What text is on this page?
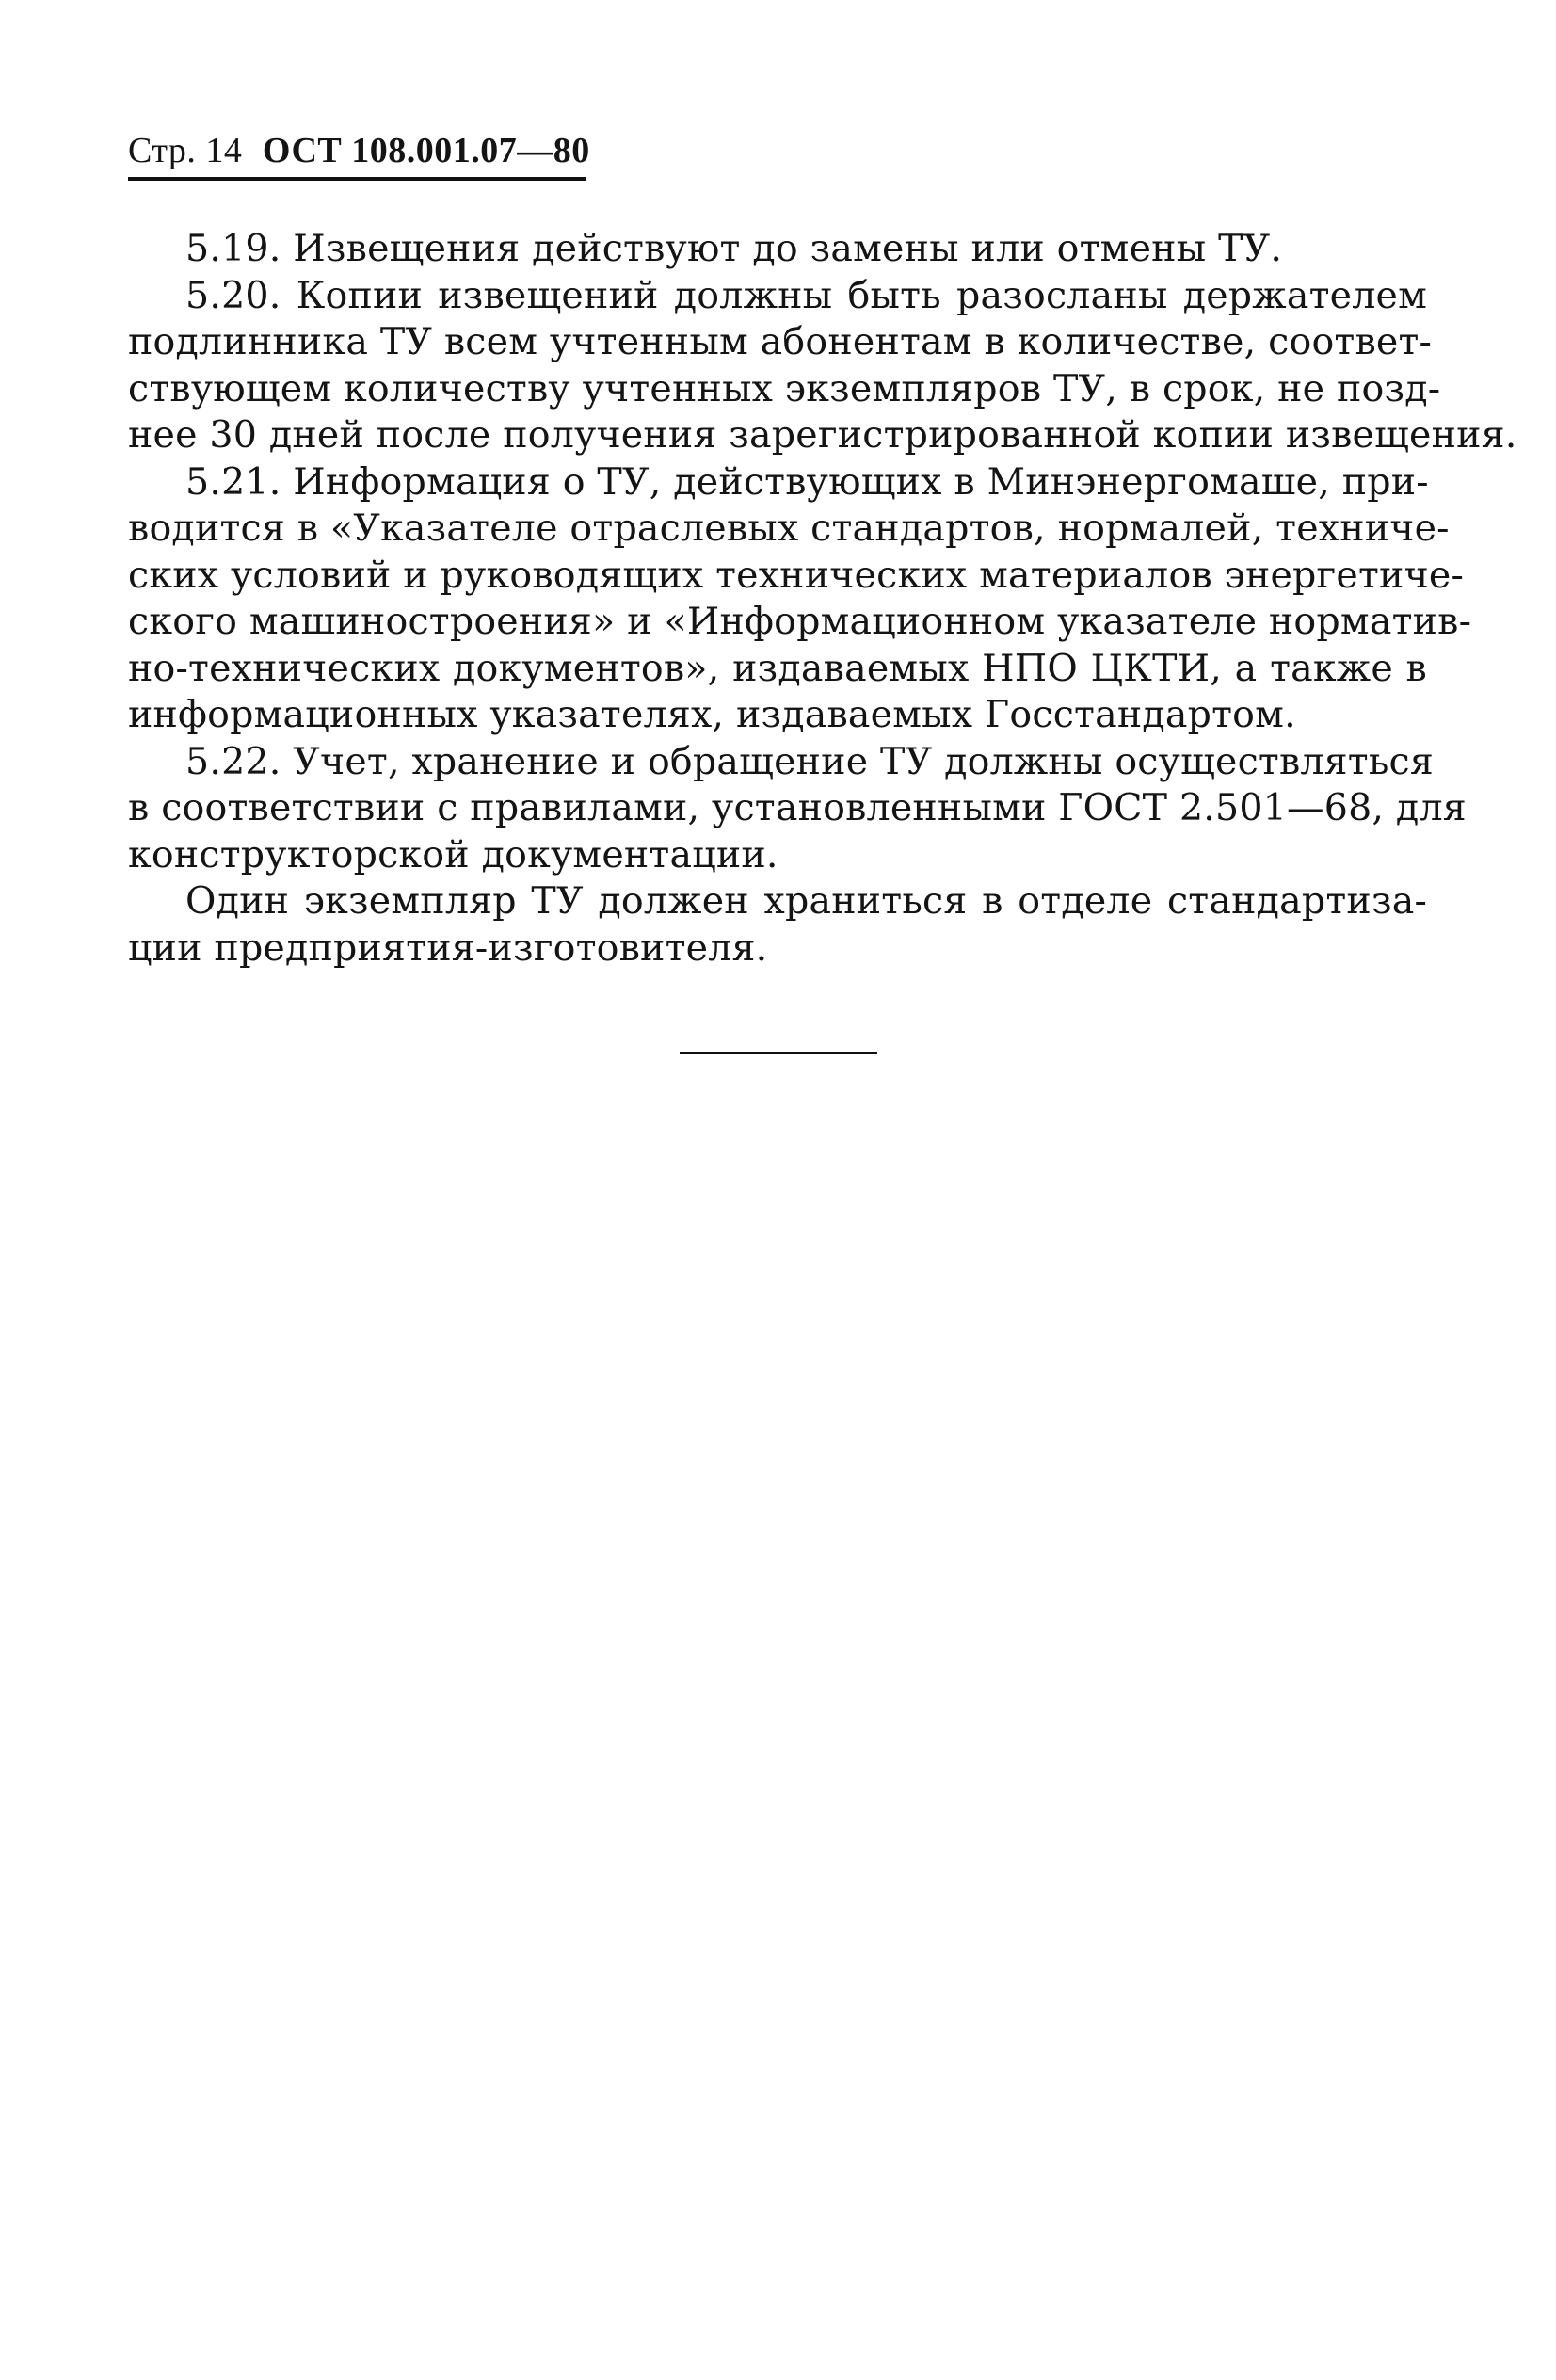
Стр. 14 ОСТ 108.001.07—80
5.19. Извещения действуют до замены или отмены ТУ.
5.20. Копии извещений должны быть разосланы держателем
подлинника ТУ всем учтенным абонентам в количестве, соответ-
ствующем количеству учтенных экземпляров ТУ, в срок, не позд-
нее 30 дней после получения зарегистрированной копии извещения.
5.21. Информация о ТУ, действующих в Минэнергомаше, при-
водится в «Указателе отраслевых стандартов, нормалей, техниче-
ских условий и руководящих технических материалов энергетиче-
ского машиностроения» и «Информационном указателе норматив-
но-технических документов», издаваемых НПО ЦКТИ, а также в
информационных указателях, издаваемых Госстандартом.
5.22. Учет, хранение и обращение ТУ должны осуществляться
в соответствии с правилами, установленными ГОСТ 2.501—68, для
конструкторской документации.
Один экземпляр ТУ должен храниться в отделе стандартиза-
ции предприятия-изготовителя.
